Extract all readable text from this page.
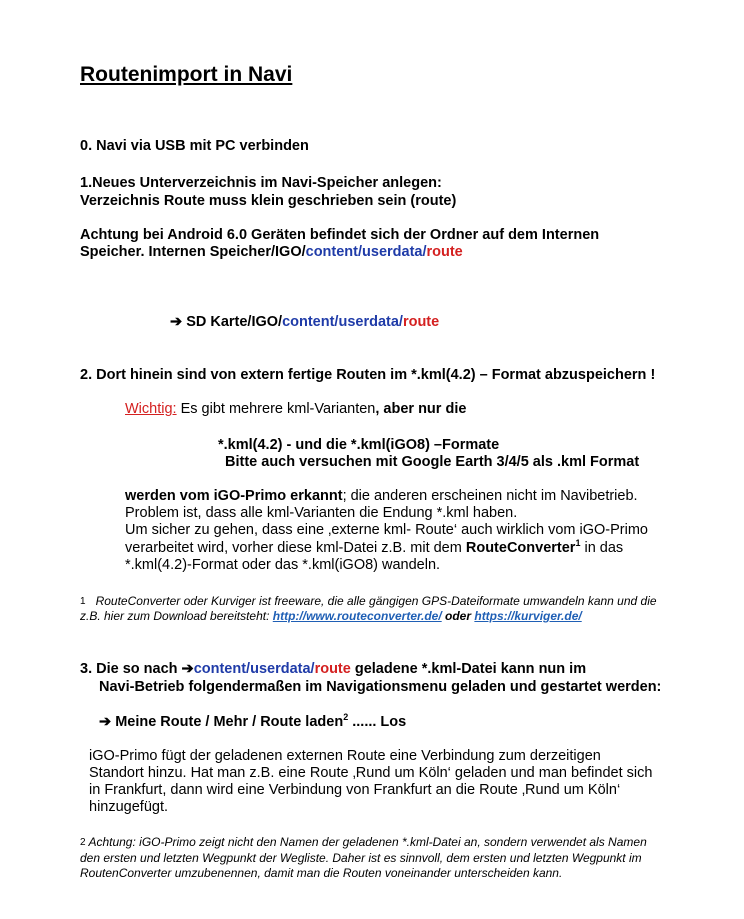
Routenimport in Navi
0. Navi via USB mit PC verbinden
1.Neues Unterverzeichnis im Navi-Speicher anlegen:
Verzeichnis Route muss klein geschrieben sein (route)
Achtung bei Android 6.0 Geräten befindet sich der Ordner auf dem Internen
Speicher. Internen Speicher/IGO/content/userdata/route
➔ SD Karte/IGO/content/userdata/route
2. Dort hinein sind von extern fertige Routen im *.kml(4.2) – Format abzuspeichern !
Wichtig: Es gibt mehrere kml-Varianten, aber nur die
*.kml(4.2) - und die *.kml(iGO8) –Formate
Bitte auch versuchen mit Google Earth 3/4/5 als .kml Format
werden vom iGO-Primo erkannt; die anderen erscheinen nicht im Navibetrieb.
Problem ist, dass alle kml-Varianten die Endung *.kml haben.
Um sicher zu gehen, dass eine ‚externe kml- Route‘ auch wirklich vom iGO-Primo
verarbeitet wird, vorher diese kml-Datei z.B. mit dem RouteConverter$^1$ in das
*.kml(4.2)-Format oder das *.kml(iGO8) wandeln.
$^1$ RouteConverter oder Kurviger ist freeware, die alle gängigen GPS-Dateiformate umwandeln kann und die
z.B. hier zum Download bereitsteht: http://www.routeconverter.de/ oder https://kurviger.de/
3. Die so nach ➔content/userdata/route geladene *.kml-Datei kann nun im
Navi-Betrieb folgendermaßen im Navigationsmenu geladen und gestartet werden:
➔ Meine Route / Mehr / Route laden$^2$ ...... Los
iGO-Primo fügt der geladenen externen Route eine Verbindung zum derzeitigen
Standort hinzu. Hat man z.B. eine Route ‚Rund um Köln‘ geladen und man befindet sich
in Frankfurt, dann wird eine Verbindung von Frankfurt an die Route ‚Rund um Köln‘
hinzugefügt.
$^2$ Achtung: iGO-Primo zeigt nicht den Namen der geladenen *.kml-Datei an, sondern verwendet als Namen
den ersten und letzten Wegpunkt der Wegliste. Daher ist es sinnvoll, dem ersten und letzten Wegpunkt im
RoutenConverter umzubenennen, damit man die Routen voneinander unterscheiden kann.
